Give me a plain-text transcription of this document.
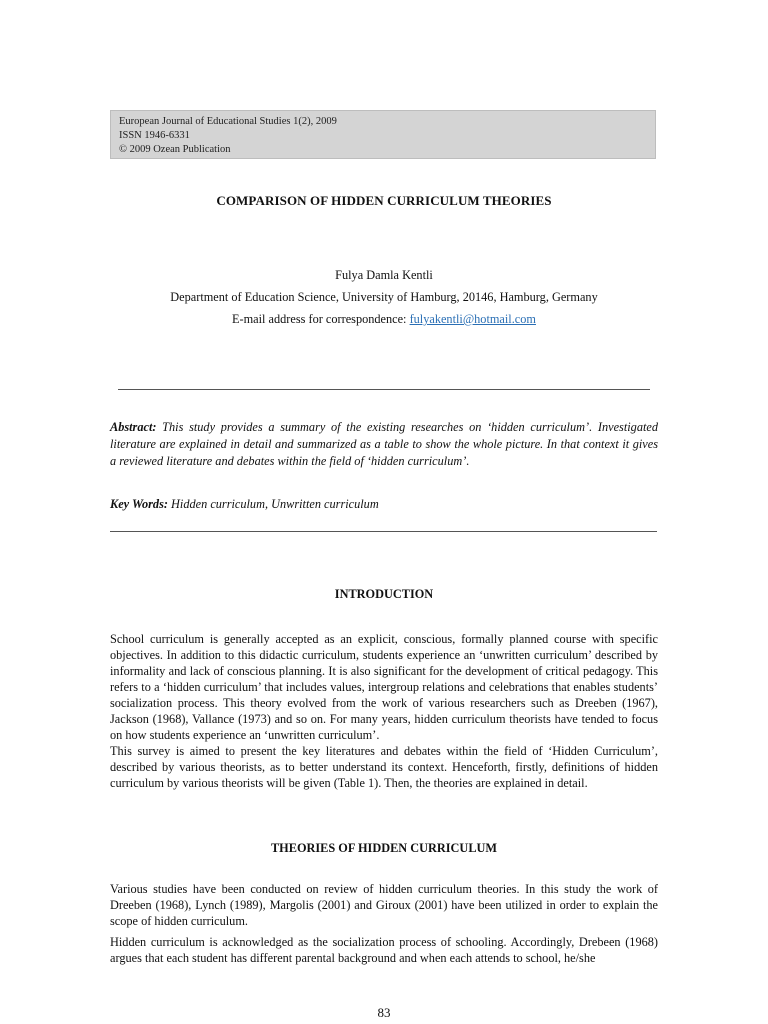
European Journal of Educational Studies 1(2), 2009
ISSN 1946-6331
© 2009 Ozean Publication
COMPARISON OF HIDDEN CURRICULUM THEORIES
Fulya Damla Kentli
Department of Education Science, University of Hamburg, 20146, Hamburg, Germany
E-mail address for correspondence: fulyakentli@hotmail.com
Abstract: This study provides a summary of the existing researches on ‘hidden curriculum’. Investigated literature are explained in detail and summarized as a table to show the whole picture. In that context it gives a reviewed literature and debates within the field of ‘hidden curriculum’.
Key Words: Hidden curriculum, Unwritten curriculum
INTRODUCTION
School curriculum is generally accepted as an explicit, conscious, formally planned course with specific objectives. In addition to this didactic curriculum, students experience an ‘unwritten curriculum’ described by informality and lack of conscious planning. It is also significant for the development of critical pedagogy. This refers to a ‘hidden curriculum’ that includes values, intergroup relations and celebrations that enables students’ socialization process. This theory evolved from the work of various researchers such as Dreeben (1967), Jackson (1968), Vallance (1973) and so on. For many years, hidden curriculum theorists have tended to focus on how students experience an ‘unwritten curriculum’.
This survey is aimed to present the key literatures and debates within the field of ‘Hidden Curriculum’, described by various theorists, as to better understand its context. Henceforth, firstly, definitions of hidden curriculum by various theorists will be given (Table 1). Then, the theories are explained in detail.
THEORIES OF HIDDEN CURRICULUM
Various studies have been conducted on review of hidden curriculum theories. In this study the work of Dreeben (1968), Lynch (1989), Margolis (2001) and Giroux (2001) have been utilized in order to explain the scope of hidden curriculum.
Hidden curriculum is acknowledged as the socialization process of schooling. Accordingly, Drebeen (1968) argues that each student has different parental background and when each attends to school, he/she
83
